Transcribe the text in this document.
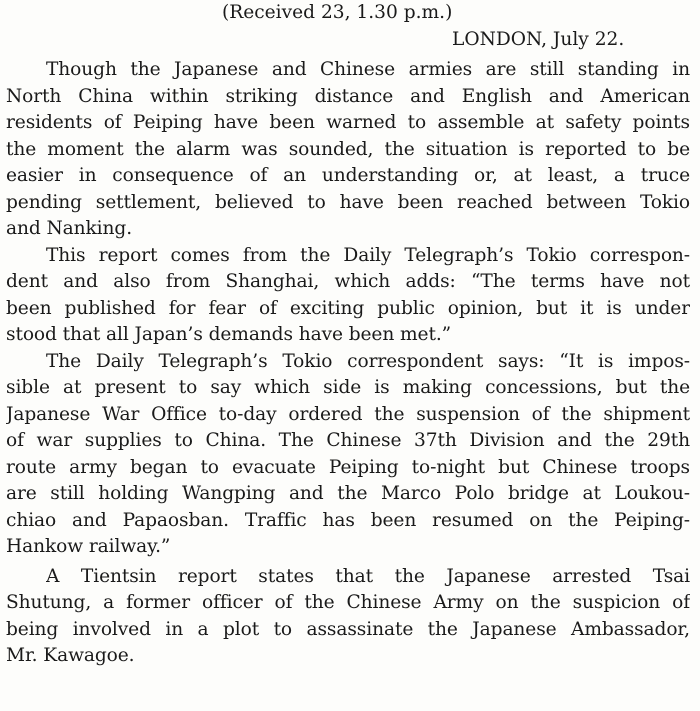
(Received 23, 1.30 p.m.)
LONDON, July 22.
Though the Japanese and Chinese armies are still standing in
North China within striking distance and English and American
residents of Peiping have been warned to assemble at safety points
the moment the alarm was sounded, the situation is reported to be
easier in consequence of an understanding or, at least, a truce
pending settlement, believed to have been reached between Tokio
and Nanking.
This report comes from the Daily Telegraph’s Tokio correspon-
dent and also from Shanghai, which adds: “The terms have not
been published for fear of exciting public opinion, but it is under
stood that all Japan’s demands have been met.”
The Daily Telegraph’s Tokio correspondent says: “It is impos-
sible at present to say which side is making concessions, but the
Japanese War Office to-day ordered the suspension of the shipment
of war supplies to China. The Chinese 37th Division and the 29th
route army began to evacuate Peiping to-night but Chinese troops
are still holding Wangping and the Marco Polo bridge at Loukou-
chiao and Papaosban. Traffic has been resumed on the Peiping-
Hankow railway.”
A Tientsin report states that the Japanese arrested Tsai
Shutung, a former officer of the Chinese Army on the suspicion of
being involved in a plot to assassinate the Japanese Ambassador,
Mr. Kawagoe.
